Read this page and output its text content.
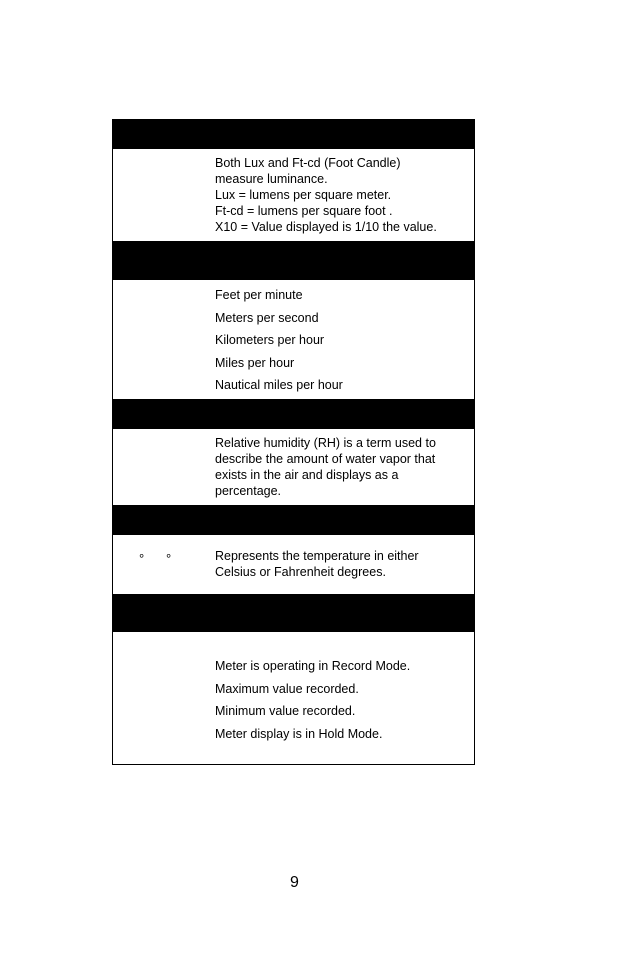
Both Lux and Ft-cd (Foot Candle)
measure luminance.
Lux = lumens per square meter.
Ft-cd = lumens per square foot .
X10 = Value displayed is 1/10 the value.
Feet per minute
Meters per second
Kilometers per hour
Miles per hour
Nautical miles per hour
Relative humidity (RH) is a term used to
describe the amount of water vapor that
exists in the air and displays as a
percentage.
° °	Represents the temperature in either
Celsius or Fahrenheit degrees.
Meter is operating in Record Mode.
Maximum value recorded.
Minimum value recorded.
Meter display is in Hold Mode.
9
